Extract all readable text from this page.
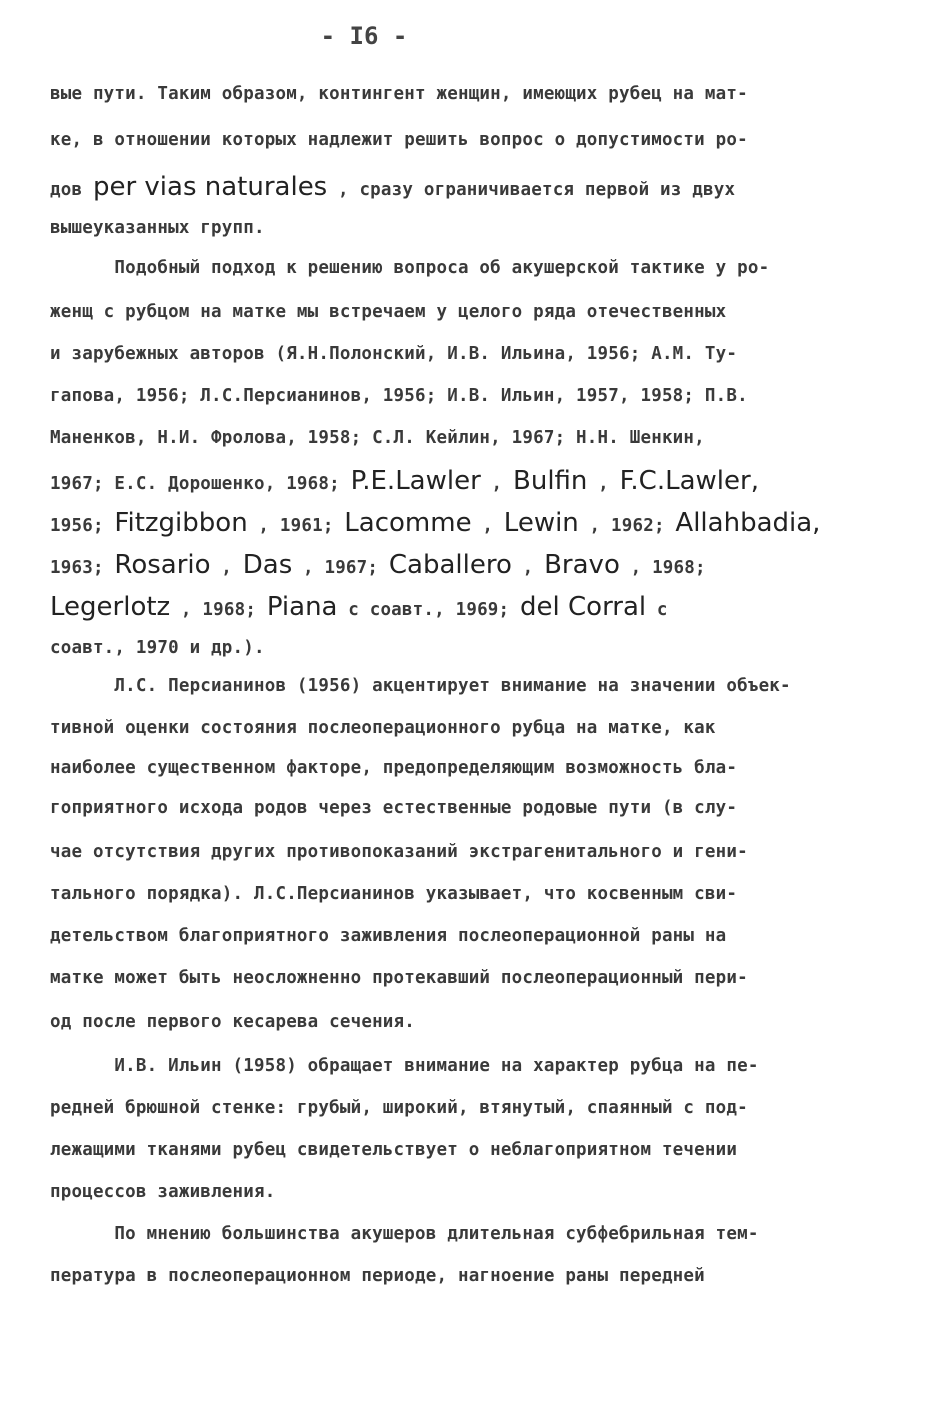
- I6 -
вые пути. Таким образом, контингент женщин, имеющих рубец на мат-
ке, в отношении которых надлежит решить вопрос о допустимости ро-
дов per vias naturales , сразу ограничивается первой из двух
вышеуказанных групп.
Подобный подход к решению вопроса об акушерской тактике у ро-
женщ с рубцом на матке мы встречаем у целого ряда отечественных
и зарубежных авторов (Я.Н.Полонский, И.В. Ильина, 1956; А.М. Ту-
гаповa, 1956; Л.С.Персианинов, 1956; И.В. Ильин, 1957, 1958; П.В.
Маненков, Н.И. Фролова, 1958; С.Л. Кейлин, 1967; Н.Н. Шенкин,
1967; Е.С. Дорошенко, 1968; P.E.Lawler , Bulfin , F.C.Lawler,
1956; Fitzgibbon , 1961; Lacomme , Lewin , 1962; Allahbadia,
1963; Rosario , Das , 1967; Caballero , Bravo , 1968;
Legerlotz , 1968; Piana с соавт., 1969; del Corral с
соавт., 1970 и др.).
Л.С. Персианинов (1956) акцентирует внимание на значении объек-
тивной оценки состояния послеоперационного рубца на матке, как
наиболее существенном факторе, предопределяющим возможность бла-
гоприятного исхода родов через естественные родовые пути (в слу-
чае отсутствия других противопоказаний экстрагенитального и гени-
тального порядка). Л.С.Персианинов указывает, что косвенным сви-
детельством благоприятного заживления послеоперационной раны на
матке может быть неосложненно протекавший послеоперационный пери-
од после первого кесарева сечения.
И.В. Ильин (1958) обращает внимание на характер рубца на пе-
редней брюшной стенке: грубый, широкий, втянутый, спаянный с под-
лежащими тканями рубец свидетельствует о неблагоприятном течении
процессов заживления.
По мнению большинства акушеров длительная субфебрильная тем-
пература в послеоперационном периоде, нагноение раны передней
